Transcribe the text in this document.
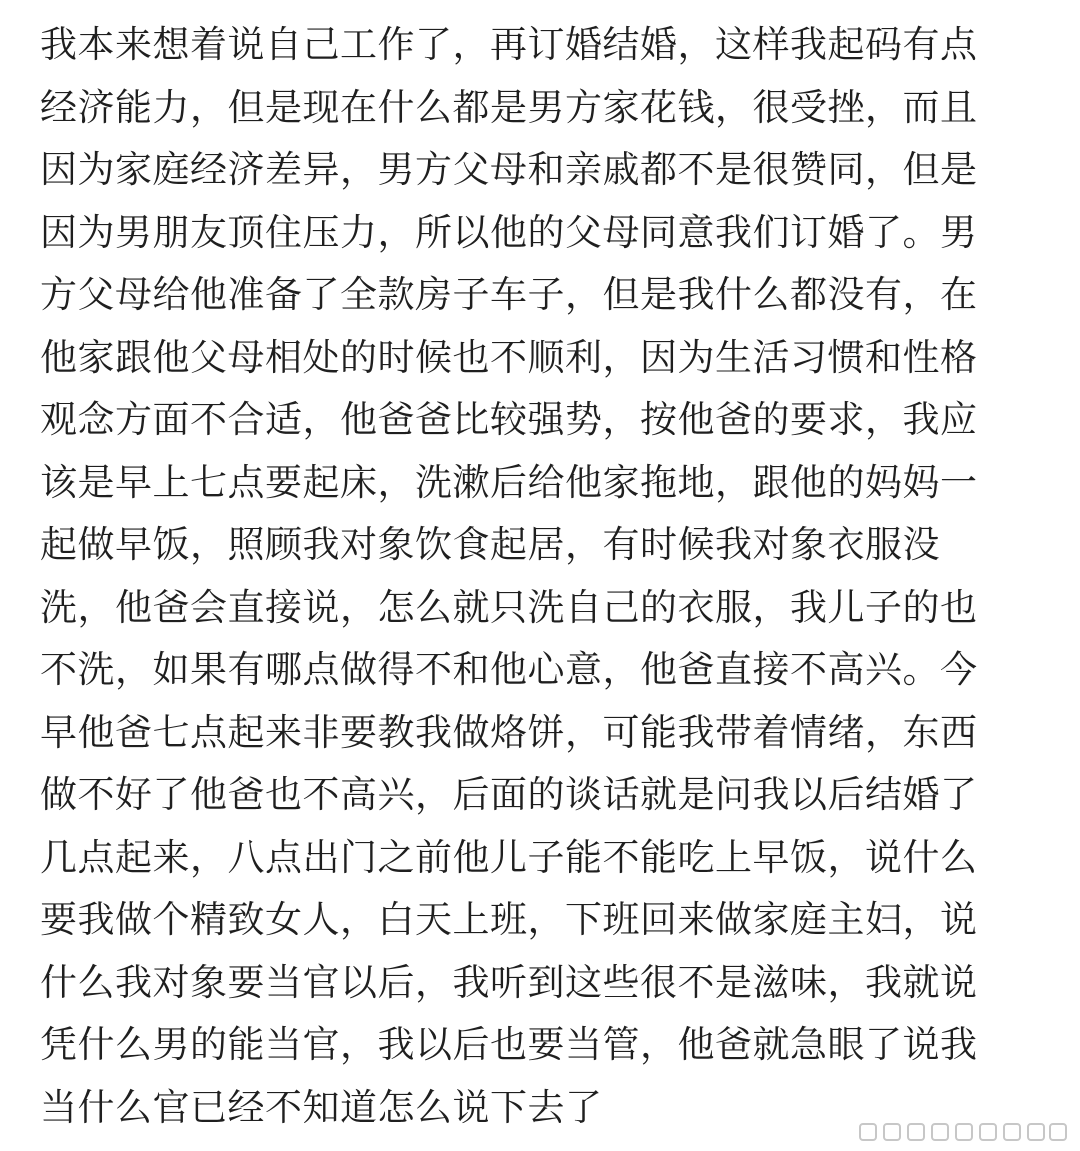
我本来想着说自己工作了，再订婚结婚，这样我起码有点
经济能力，但是现在什么都是男方家花钱，很受挫，而且
因为家庭经济差异，男方父母和亲戚都不是很赞同，但是
因为男朋友顶住压力，所以他的父母同意我们订婚了。男
方父母给他准备了全款房子车子，但是我什么都没有，在
他家跟他父母相处的时候也不顺利，因为生活习惯和性格
观念方面不合适，他爸爸比较强势，按他爸的要求，我应
该是早上七点要起床，洗漱后给他家拖地，跟他的妈妈一
起做早饭，照顾我对象饮食起居，有时候我对象衣服没
洗，他爸会直接说，怎么就只洗自己的衣服，我儿子的也
不洗，如果有哪点做得不和他心意，他爸直接不高兴。今
早他爸七点起来非要教我做烙饼，可能我带着情绪，东西
做不好了他爸也不高兴，后面的谈话就是问我以后结婚了
几点起来，八点出门之前他儿子能不能吃上早饭，说什么
要我做个精致女人，白天上班，下班回来做家庭主妇，说
什么我对象要当官以后，我听到这些很不是滋味，我就说
凭什么男的能当官，我以后也要当管，他爸就急眼了说我
当什么官已经不知道怎么说下去了
